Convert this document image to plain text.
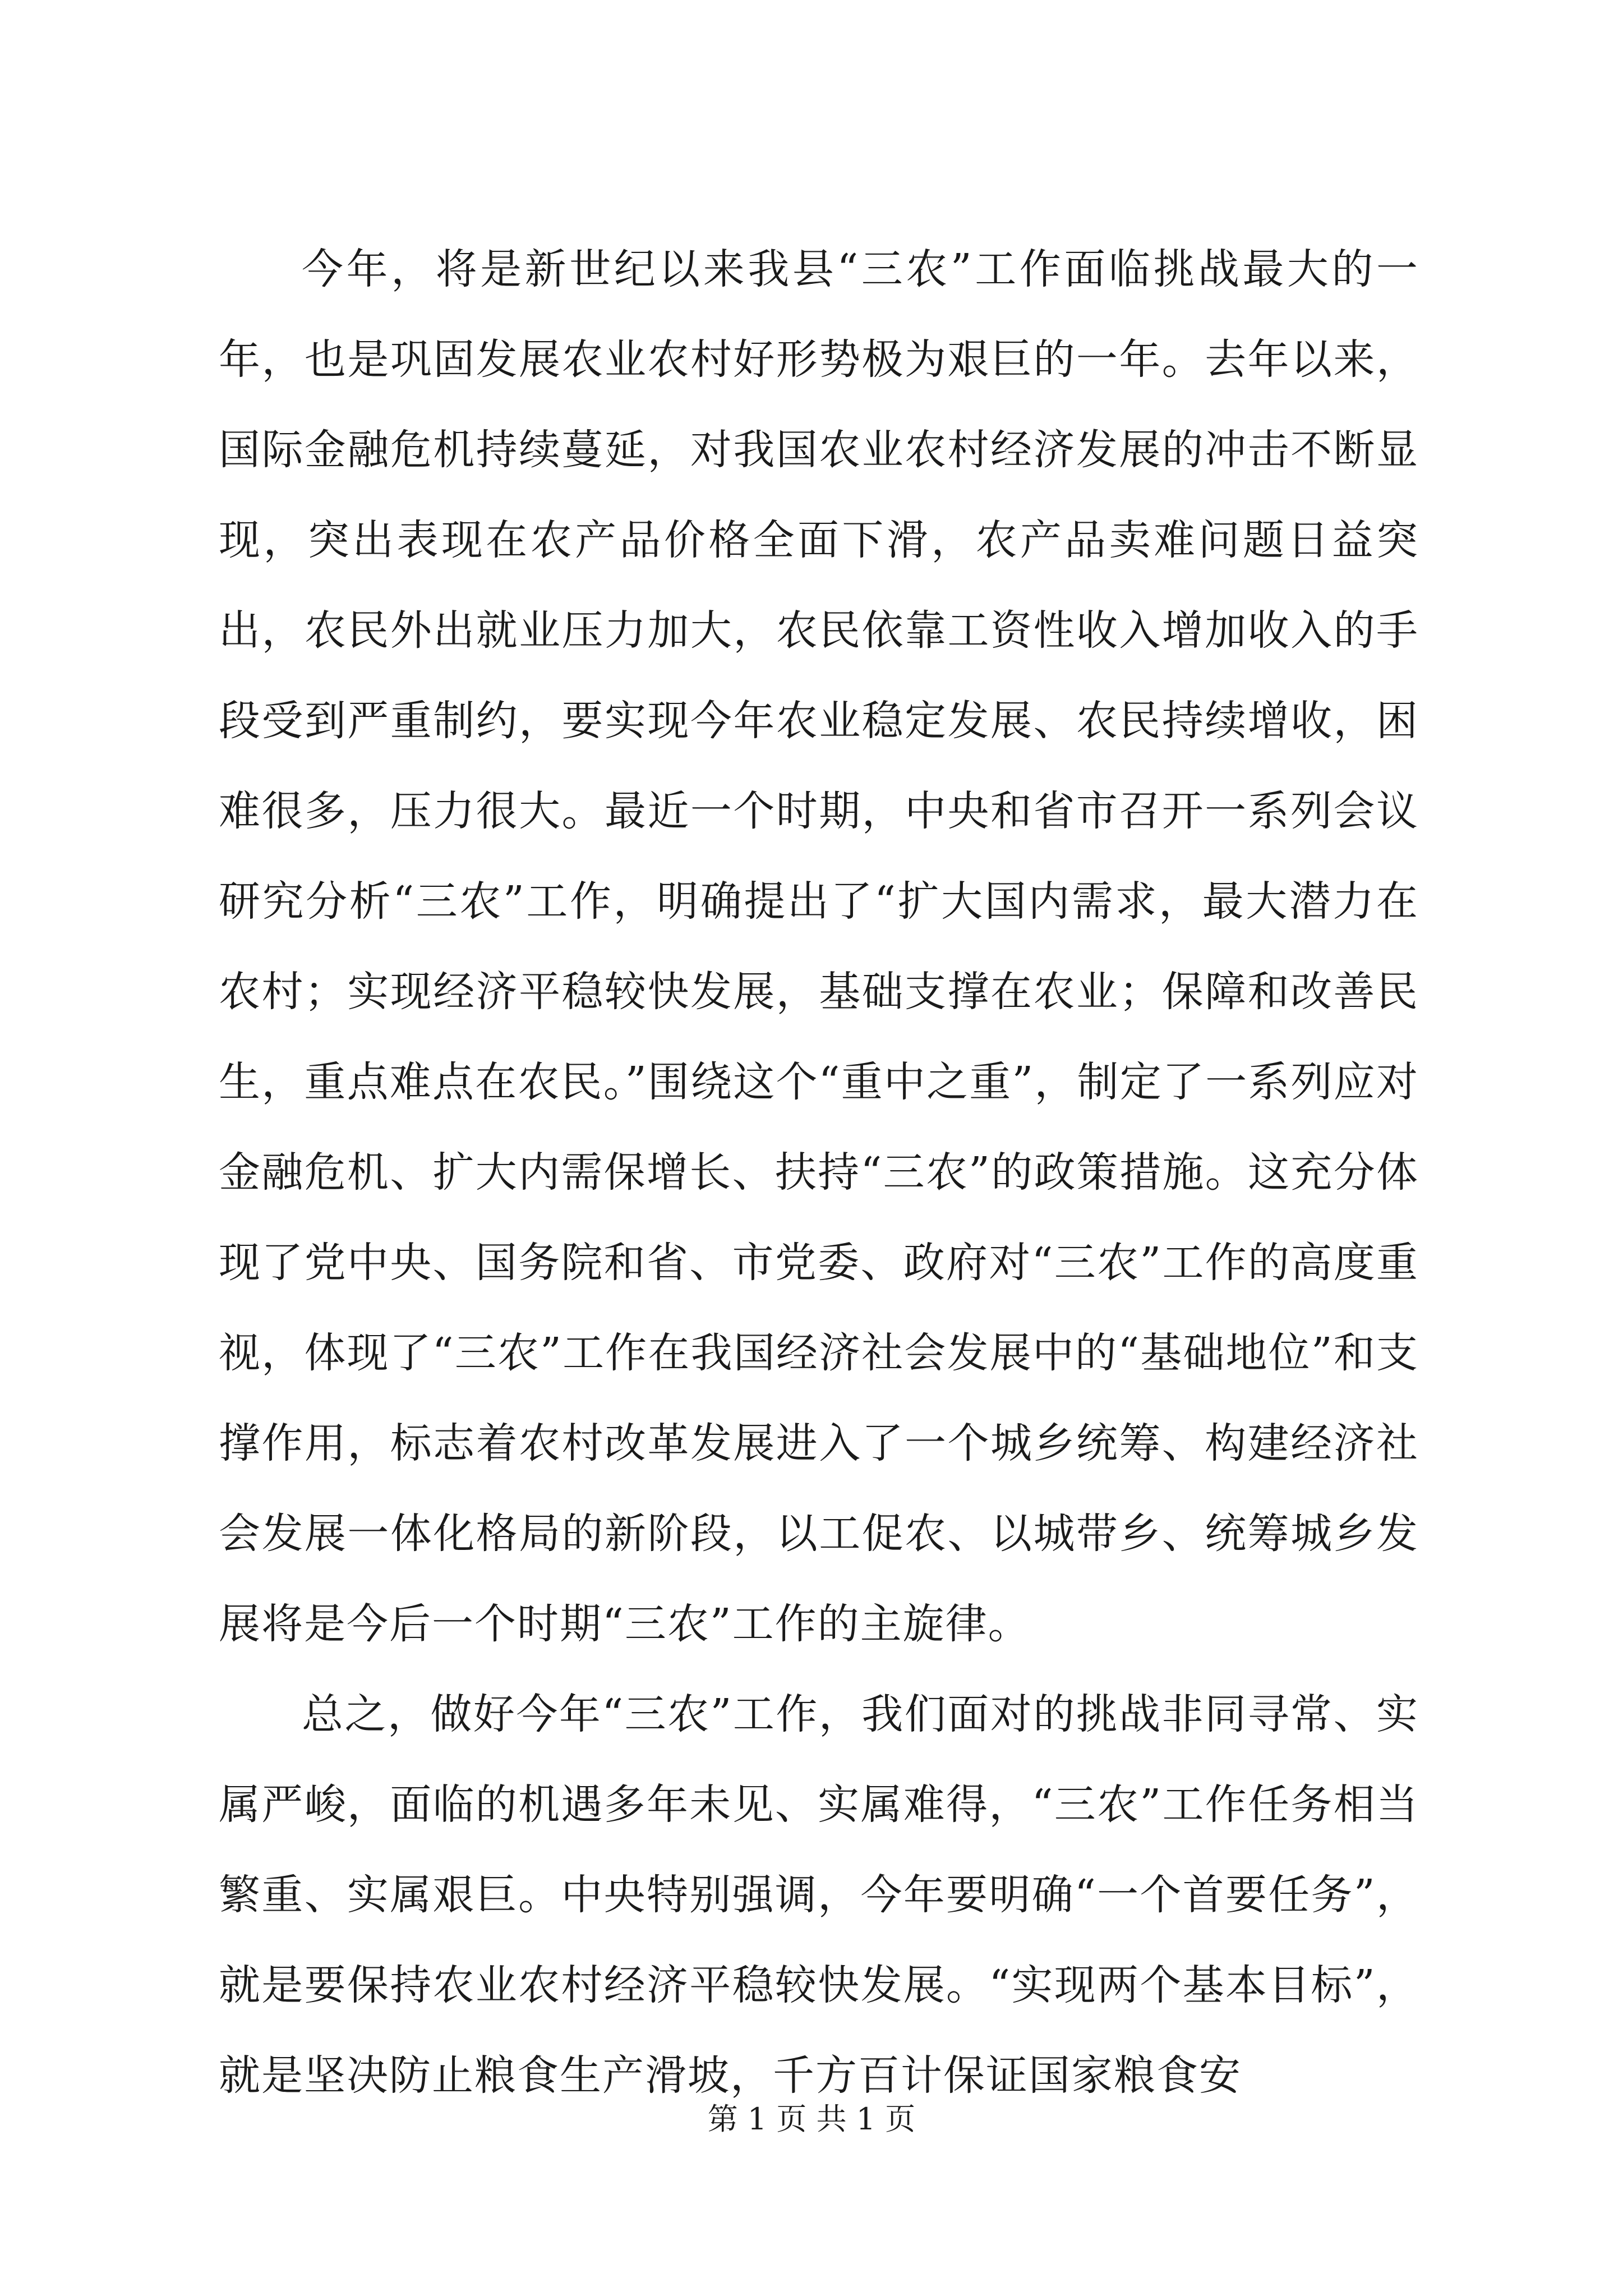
今年，将是新世纪以来我县“三农”工作面临挑战最大的一年，也是巩固发展农业农村好形势极为艰巨的一年。去年以来，国际金融危机持续蔓延，对我国农业农村经济发展的冲击不断显现，突出表现在农产品价格全面下滑，农产品卖难问题日益突出，农民外出就业压力加大，农民依靠工资性收入增加收入的手段受到严重制约，要实现今年农业稳定发展、农民持续增收，困难很多，压力很大。最近一个时期，中央和省市召开一系列会议研究分析“三农”工作，明确提出了“扩大国内需求，最大潜力在农村；实现经济平稳较快发展，基础支撑在农业；保障和改善民生，重点难点在农民。”围绕这个“重中之重”，制定了一系列应对金融危机、扩大内需保增长、扶持“三农”的政策措施。这充分体现了党中央、国务院和省、市党委、政府对“三农”工作的高度重视，体现了“三农”工作在我国经济社会发展中的“基础地位”和支撑作用，标志着农村改革发展进入了一个城乡统筹、构建经济社会发展一体化格局的新阶段，以工促农、以城带乡、统筹城乡发展将是今后一个时期“三农”工作的主旋律。

总之，做好今年“三农”工作，我们面对的挑战非同寻常、实属严峻，面临的机遇多年未见、实属难得，“三农”工作任务相当繁重、实属艰巨。中央特别强调，今年要明确“一个首要任务”，就是要保持农业农村经济平稳较快发展。“实现两个基本目标”，就是坚决防止粮食生产滑坡，千方百计保证国家粮食安

第 1 页 共 1 页
